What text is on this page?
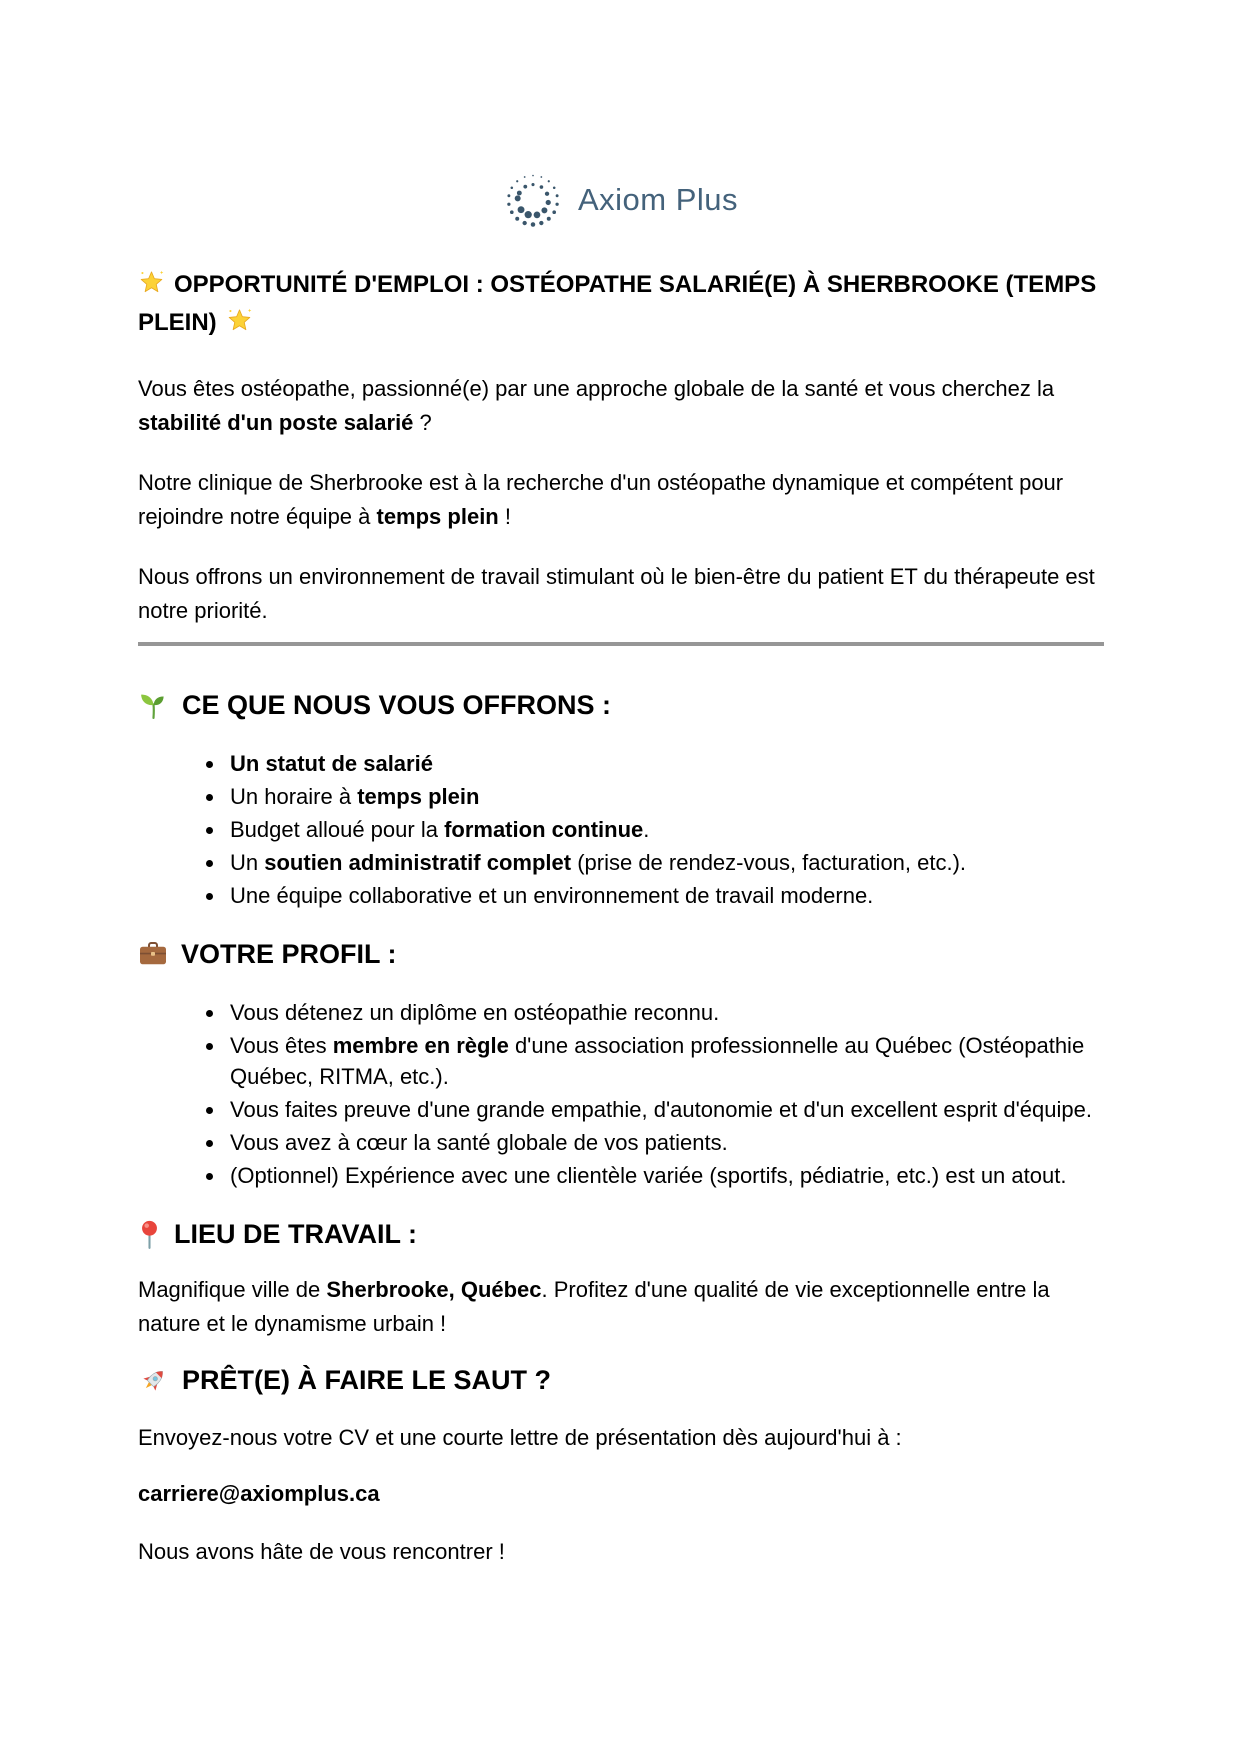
Axiom Plus
OPPORTUNITÉ D'EMPLOI : OSTÉOPATHE SALARIÉ(E) À SHERBROOKE (TEMPS PLEIN)

Vous êtes ostéopathe, passionné(e) par une approche globale de la santé et vous cherchez la stabilité d'un poste salarié ?

Notre clinique de Sherbrooke est à la recherche d'un ostéopathe dynamique et compétent pour rejoindre notre équipe à temps plein !

Nous offrons un environnement de travail stimulant où le bien-être du patient ET du thérapeute est notre priorité.

CE QUE NOUS VOUS OFFRONS :
• Un statut de salarié
• Un horaire à temps plein
• Budget alloué pour la formation continue.
• Un soutien administratif complet (prise de rendez-vous, facturation, etc.).
• Une équipe collaborative et un environnement de travail moderne.
VOTRE PROFIL :
• Vous détenez un diplôme en ostéopathie reconnu.
• Vous êtes membre en règle d'une association professionnelle au Québec (Ostéopathie Québec, RITMA, etc.).
• Vous faites preuve d'une grande empathie, d'autonomie et d'un excellent esprit d'équipe.
• Vous avez à cœur la santé globale de vos patients.
• (Optionnel) Expérience avec une clientèle variée (sportifs, pédiatrie, etc.) est un atout.
LIEU DE TRAVAIL :

Magnifique ville de Sherbrooke, Québec. Profitez d'une qualité de vie exceptionnelle entre la nature et le dynamisme urbain !

PRÊT(E) À FAIRE LE SAUT ?

Envoyez-nous votre CV et une courte lettre de présentation dès aujourd'hui à :

carriere@axiomplus.ca

Nous avons hâte de vous rencontrer !
